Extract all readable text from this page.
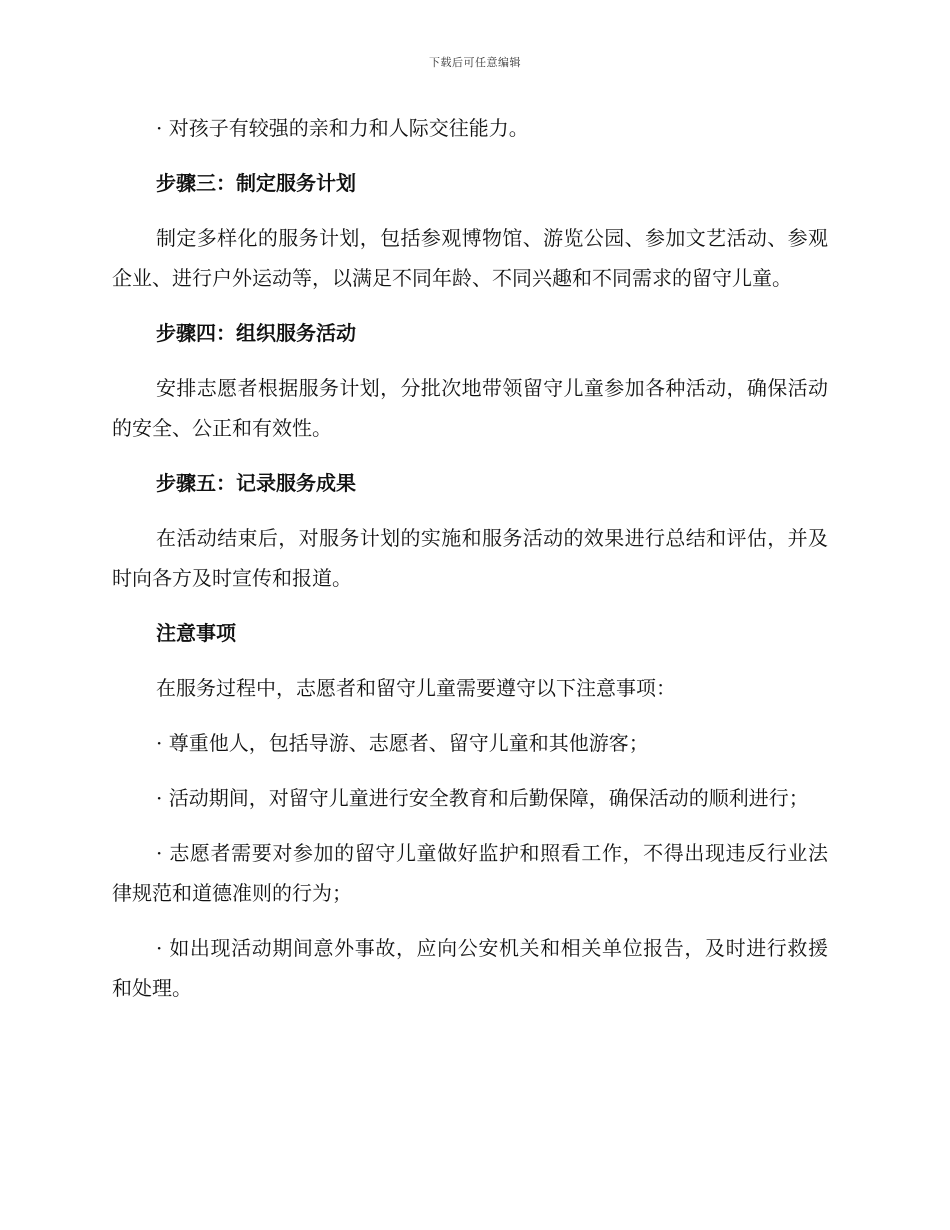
下载后可任意编辑

· 对孩子有较强的亲和力和人际交往能力。

步骤三：制定服务计划

制定多样化的服务计划，包括参观博物馆、游览公园、参加文艺活动、参观企业、进行户外运动等，以满足不同年龄、不同兴趣和不同需求的留守儿童。

步骤四：组织服务活动

安排志愿者根据服务计划，分批次地带领留守儿童参加各种活动，确保活动的安全、公正和有效性。

步骤五：记录服务成果

在活动结束后，对服务计划的实施和服务活动的效果进行总结和评估，并及时向各方及时宣传和报道。

注意事项

在服务过程中，志愿者和留守儿童需要遵守以下注意事项：

· 尊重他人，包括导游、志愿者、留守儿童和其他游客；

· 活动期间，对留守儿童进行安全教育和后勤保障，确保活动的顺利进行；

· 志愿者需要对参加的留守儿童做好监护和照看工作，不得出现违反行业法律规范和道德准则的行为；

· 如出现活动期间意外事故，应向公安机关和相关单位报告，及时进行救援和处理。
